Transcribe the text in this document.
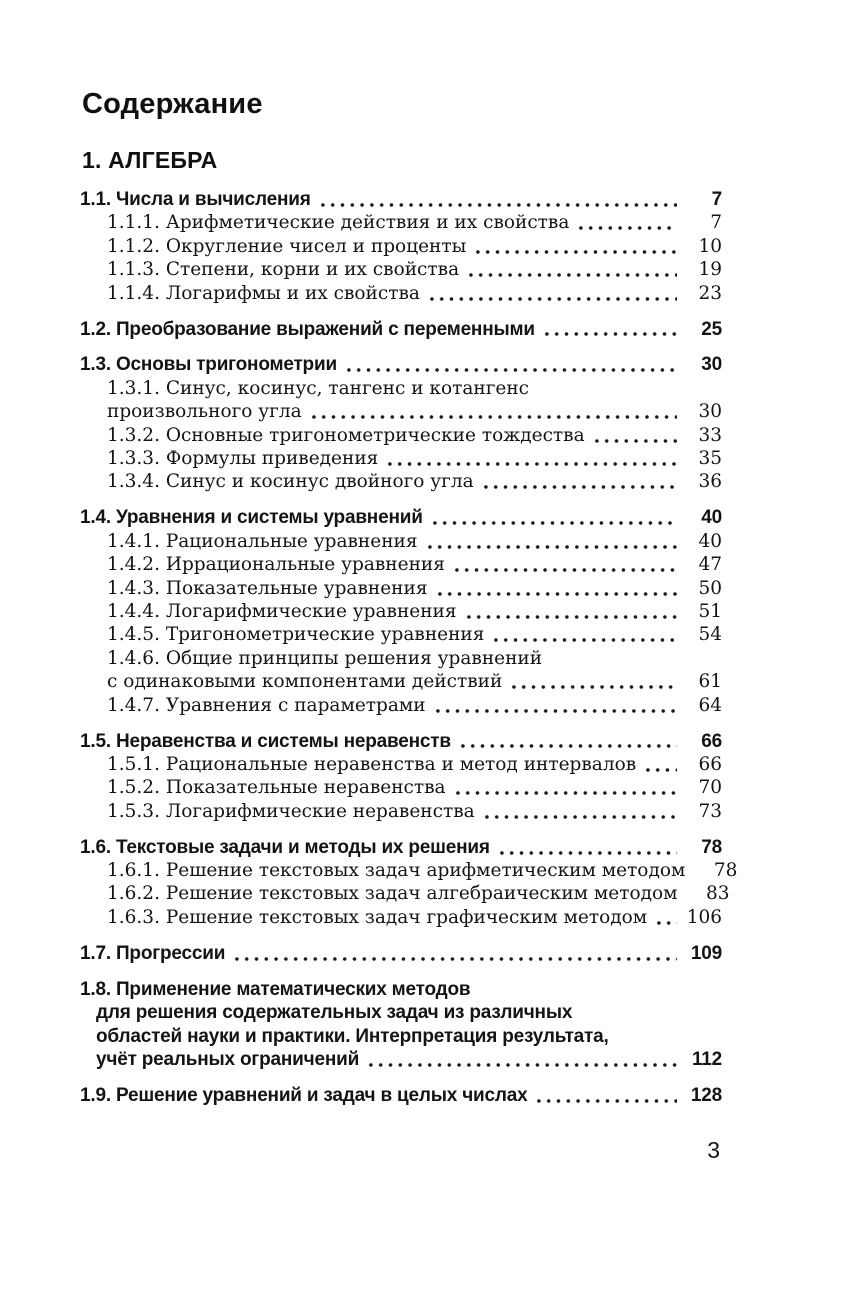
Содержание
1. АЛГЕБРА
1.1. Числа и вычисления	7
1.1.1. Арифметические действия и их свойства	7
1.1.2. Округление чисел и проценты	10
1.1.3. Степени, корни и их свойства	19
1.1.4. Логарифмы и их свойства	23
1.2. Преобразование выражений с переменными	25
1.3. Основы тригонометрии	30
1.3.1. Синус, косинус, тангенс и котангенс
произвольного угла	30
1.3.2. Основные тригонометрические тождества	33
1.3.3. Формулы приведения	35
1.3.4. Синус и косинус двойного угла	36
1.4. Уравнения и системы уравнений	40
1.4.1. Рациональные уравнения	40
1.4.2. Иррациональные уравнения	47
1.4.3. Показательные уравнения	50
1.4.4. Логарифмические уравнения	51
1.4.5. Тригонометрические уравнения	54
1.4.6. Общие принципы решения уравнений
с одинаковыми компонентами действий	61
1.4.7. Уравнения с параметрами	64
1.5. Неравенства и системы неравенств	66
1.5.1. Рациональные неравенства и метод интервалов	66
1.5.2. Показательные неравенства	70
1.5.3. Логарифмические неравенства	73
1.6. Текстовые задачи и методы их решения	78
1.6.1. Решение текстовых задач арифметическим методом	78
1.6.2. Решение текстовых задач алгебраическим методом	83
1.6.3. Решение текстовых задач графическим методом 106
1.7. Прогрессии	109
1.8. Применение математических методов
для решения содержательных задач из различных
областей науки и практики. Интерпретация результата,
учёт реальных ограничений	112
1.9. Решение уравнений и задач в целых числах	128
3
